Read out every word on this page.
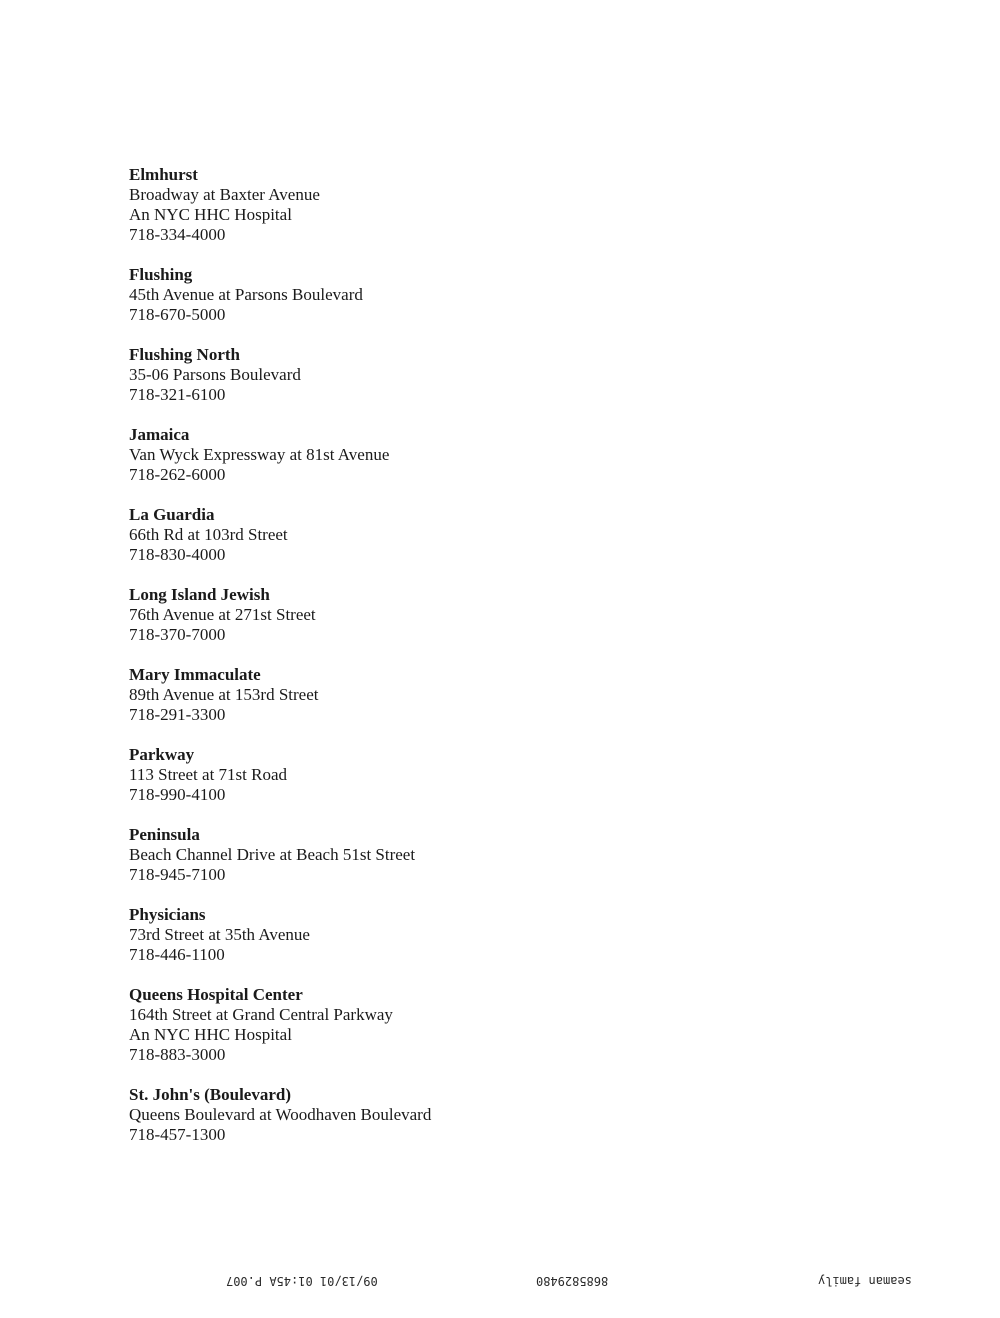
Elmhurst
Broadway at Baxter Avenue
An NYC HHC Hospital
718-334-4000
Flushing
45th Avenue at Parsons Boulevard
718-670-5000
Flushing North
35-06 Parsons Boulevard
718-321-6100
Jamaica
Van Wyck Expressway at 81st Avenue
718-262-6000
La Guardia
66th Rd at 103rd Street
718-830-4000
Long Island Jewish
76th Avenue at 271st Street
718-370-7000
Mary Immaculate
89th Avenue at 153rd Street
718-291-3300
Parkway
113 Street at 71st Road
718-990-4100
Peninsula
Beach Channel Drive at Beach 51st Street
718-945-7100
Physicians
73rd Street at 35th Avenue
718-446-1100
Queens Hospital Center
164th Street at Grand Central Parkway
An NYC HHC Hospital
718-883-3000
St. John's (Boulevard)
Queens Boulevard at Woodhaven Boulevard
718-457-1300
09/13/01 01:45A P.007	8685829480	seaman family
